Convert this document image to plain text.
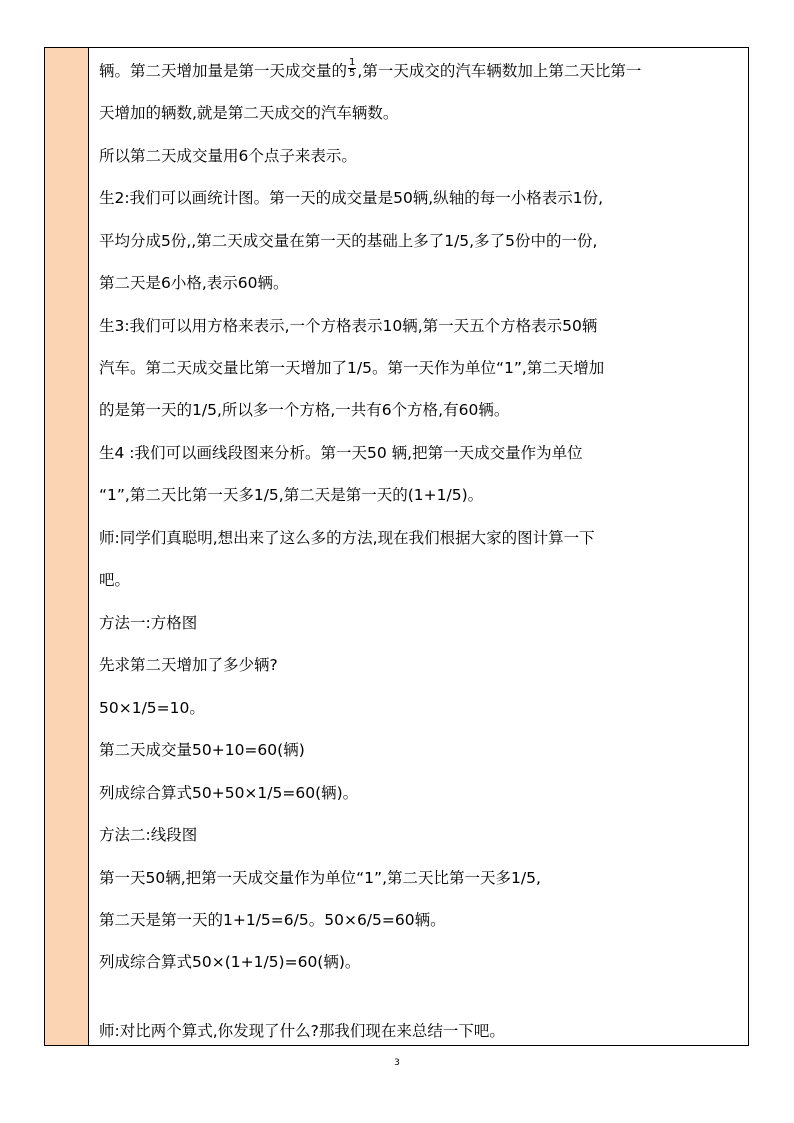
辆。第二天增加量是第一天成交量的 $\frac{1}{5}$ ,第一天成交的汽车辆数加上第二天比第一

天增加的辆数,就是第二天成交的汽车辆数。

所以第二天成交量用6个点子来表示。

生2:我们可以画统计图。第一天的成交量是50辆,纵轴的每一小格表示1份,

平均分成5份,,第二天成交量在第一天的基础上多了1/5,多了5份中的一份,

第二天是6小格,表示60辆。

生3:我们可以用方格来表示,一个方格表示10辆,第一天五个方格表示50辆

汽车。第二天成交量比第一天增加了1/5。第一天作为单位“1”,第二天增加

的是第一天的1/5,所以多一个方格,一共有6个方格,有60辆。

生4 :我们可以画线段图来分析。第一天50 辆,把第一天成交量作为单位

“1”,第二天比第一天多1/5,第二天是第一天的(1+1/5)。

师:同学们真聪明,想出来了这么多的方法,现在我们根据大家的图计算一下

吧。

方法一:方格图

先求第二天增加了多少辆?

50×1/5=10。

第二天成交量50+10=60(辆)

列成综合算式50+50×1/5=60(辆)。

方法二:线段图

第一天50辆,把第一天成交量作为单位“1”,第二天比第一天多1/5,

第二天是第一天的1+1/5=6/5。50×6/5=60辆。

列成综合算式50×(1+1/5)=60(辆)。

师:对比两个算式,你发现了什么?那我们现在来总结一下吧。

3
